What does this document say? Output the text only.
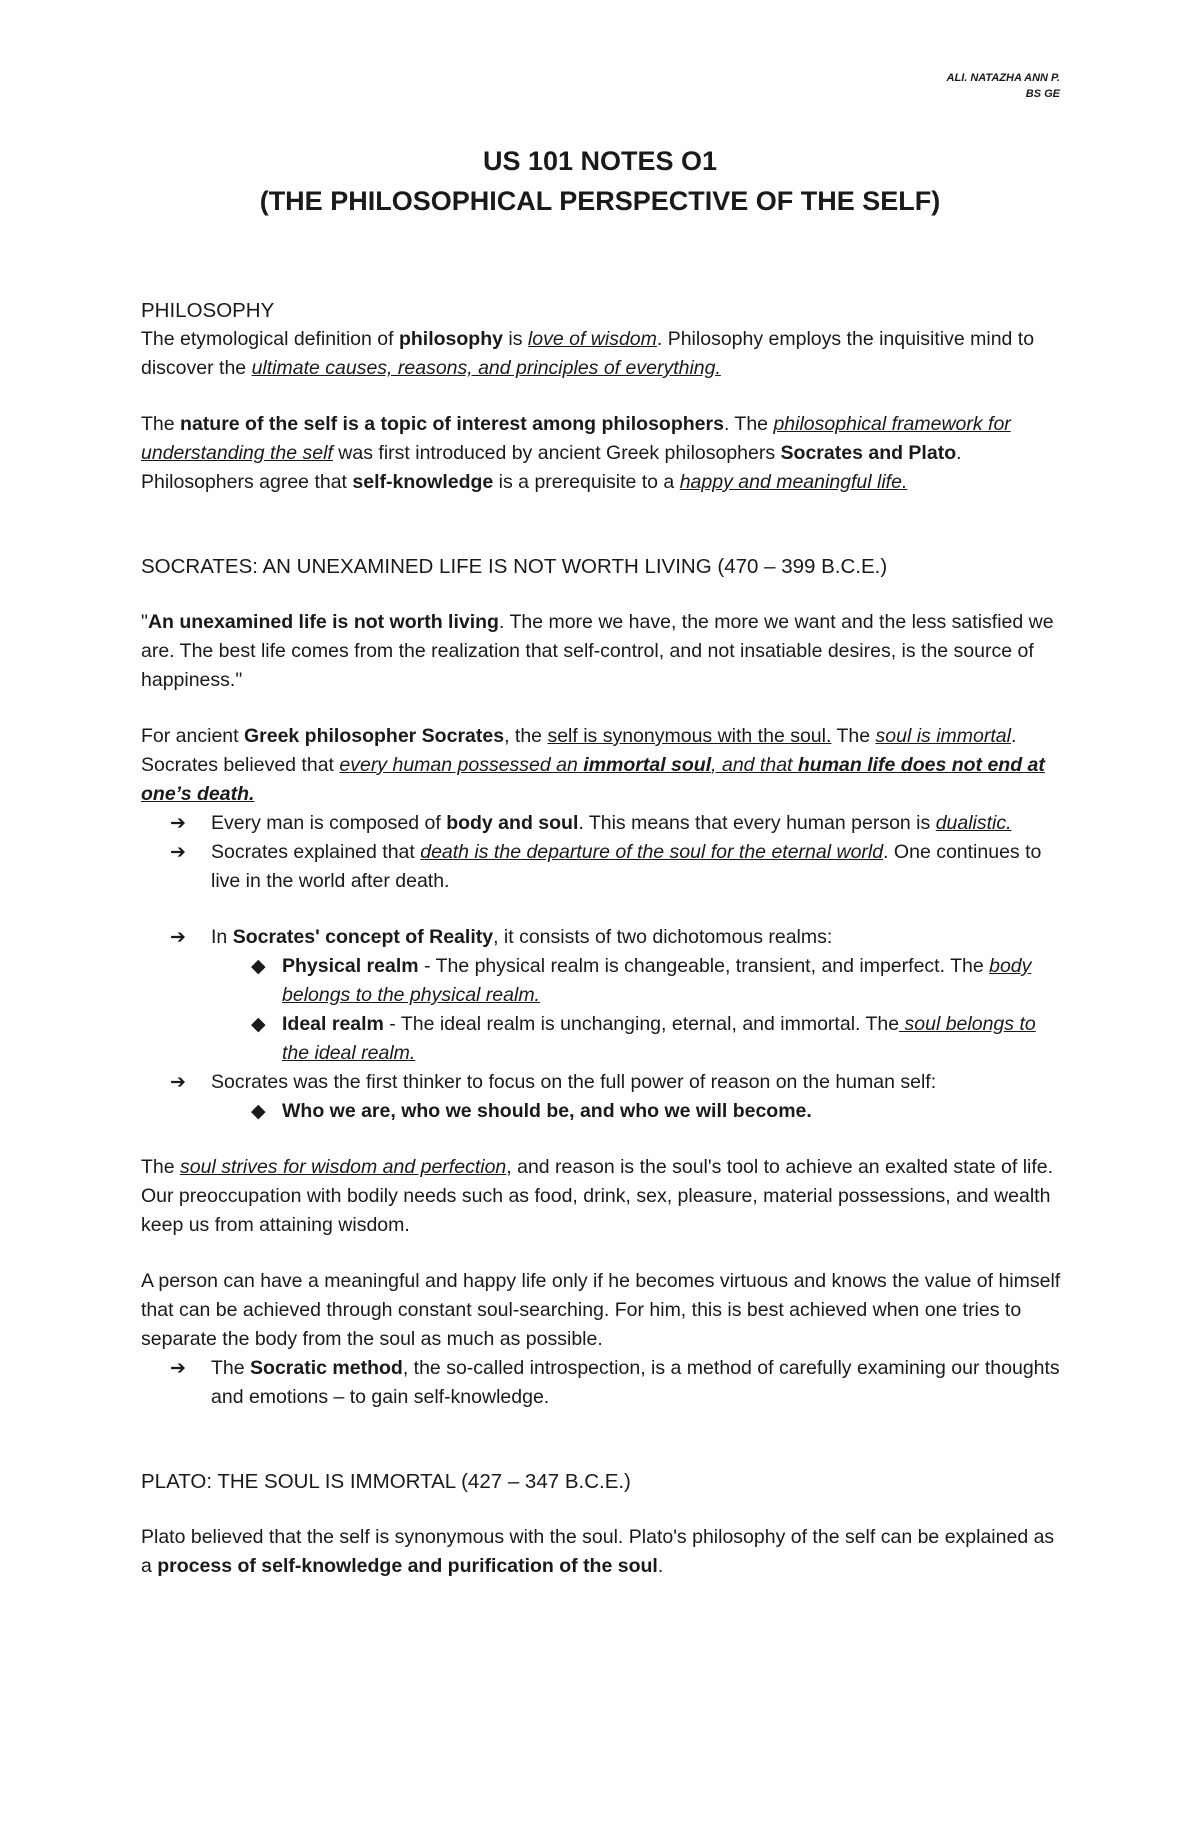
ALI. NATAZHA ANN P.
BS GE
US 101 NOTES O1
(THE PHILOSOPHICAL PERSPECTIVE OF THE SELF)

PHILOSOPHY

The etymological definition of philosophy is love of wisdom. Philosophy employs the inquisitive mind to discover the ultimate causes, reasons, and principles of everything.

The nature of the self is a topic of interest among philosophers. The philosophical framework for understanding the self was first introduced by ancient Greek philosophers Socrates and Plato. Philosophers agree that self-knowledge is a prerequisite to a happy and meaningful life.

SOCRATES: AN UNEXAMINED LIFE IS NOT WORTH LIVING (470 – 399 B.C.E.)

"An unexamined life is not worth living. The more we have, the more we want and the less satisfied we are. The best life comes from the realization that self-control, and not insatiable desires, is the source of happiness."

For ancient Greek philosopher Socrates, the self is synonymous with the soul. The soul is immortal. Socrates believed that every human possessed an immortal soul, and that human life does not end at one’s death.

➔ Every man is composed of body and soul. This means that every human person is dualistic.
➔ Socrates explained that death is the departure of the soul for the eternal world. One continues to live in the world after death.
➔ In Socrates' concept of Reality, it consists of two dichotomous realms:
◆ Physical realm - The physical realm is changeable, transient, and imperfect. The body belongs to the physical realm.
◆ Ideal realm - The ideal realm is unchanging, eternal, and immortal. The soul belongs to the ideal realm.
➔ Socrates was the first thinker to focus on the full power of reason on the human self:
◆ Who we are, who we should be, and who we will become.

The soul strives for wisdom and perfection, and reason is the soul's tool to achieve an exalted state of life. Our preoccupation with bodily needs such as food, drink, sex, pleasure, material possessions, and wealth keep us from attaining wisdom.

A person can have a meaningful and happy life only if he becomes virtuous and knows the value of himself that can be achieved through constant soul-searching. For him, this is best achieved when one tries to separate the body from the soul as much as possible.

➔ The Socratic method, the so-called introspection, is a method of carefully examining our thoughts and emotions – to gain self-knowledge.

PLATO: THE SOUL IS IMMORTAL (427 – 347 B.C.E.)

Plato believed that the self is synonymous with the soul. Plato's philosophy of the self can be explained as a process of self-knowledge and purification of the soul.
